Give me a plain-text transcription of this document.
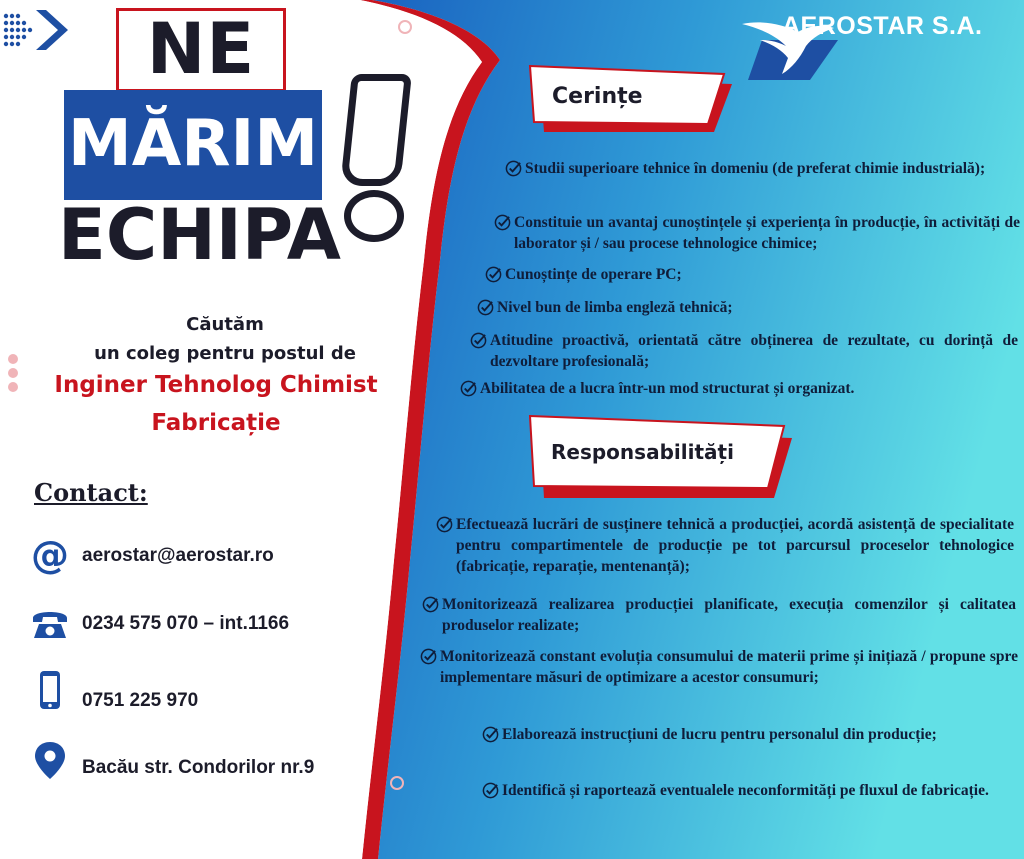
NE
MĂRIM
ECHIPA
Căutăm
un coleg pentru postul de
Inginer Tehnolog Chimist
Fabricație
Contact:
@ aerostar@aerostar.ro
0234 575 070 – int.1166
0751 225 970
Bacău str. Condorilor nr.9
AEROSTAR S.A.
Cerințe
Responsabilități
Studii superioare tehnice în domeniu (de preferat chimie industrială);
Constituie un avantaj cunoștințele și experiența în producție, în activități de laborator și / sau procese tehnologice chimice;
Cunoștințe de operare PC;
Nivel bun de limba engleză tehnică;
Atitudine proactivă, orientată către obținerea de rezultate, cu dorință de dezvoltare profesională;
Abilitatea de a lucra într-un mod structurat și organizat.
Efectuează lucrări de susținere tehnică a producției, acordă asistență de specialitate pentru compartimentele de producție pe tot parcursul proceselor tehnologice (fabricație, reparație, mentenanță);
Monitorizează realizarea producției planificate, execuția comenzilor și calitatea produselor realizate;
Monitorizează constant evoluția consumului de materii prime și inițiază / propune spre implementare măsuri de optimizare a acestor consumuri;
Elaborează instrucțiuni de lucru pentru personalul din producție;
Identifică și raportează eventualele neconformități pe fluxul de fabricație.
